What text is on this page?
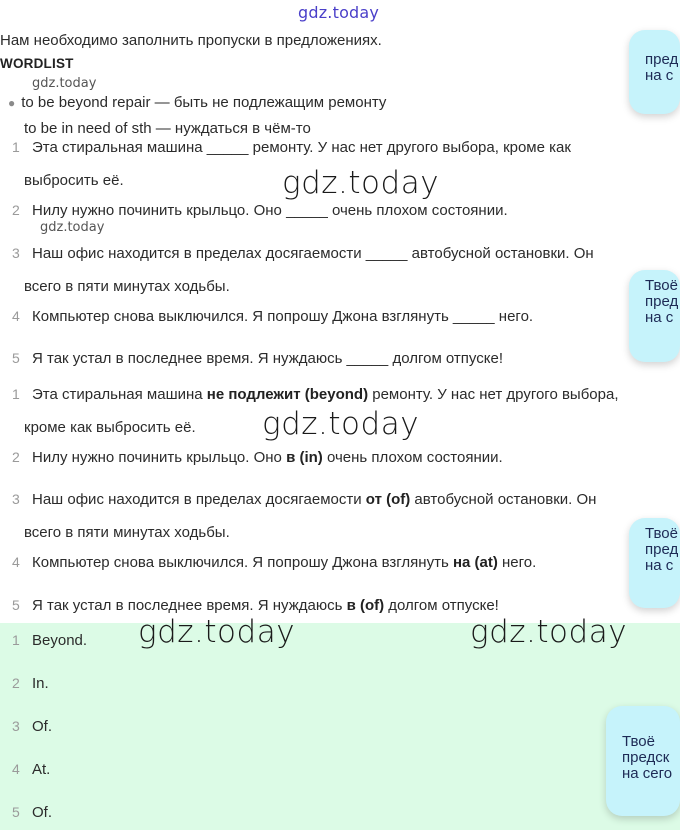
gdz.today
Нам необходимо заполнить пропуски в предложениях.
WORDLIST
gdz.today
● to be beyond repair — быть не подлежащим ремонту
to be in need of sth — нуждаться в чём-то
1 Эта стиральная машина _____ ремонту. У нас нет другого выбора, кроме как
выбросить её.	gdz.today
2 Нилу нужно починить крыльцо. Оно _____ очень плохом состоянии.
gdz.today
3 Наш офис находится в пределах досягаемости _____ автобусной остановки. Он
всего в пяти минутах ходьбы.
4 Компьютер снова выключился. Я попрошу Джона взглянуть _____ него.
5 Я так устал в последнее время. Я нуждаюсь _____ долгом отпуске!
1 Эта стиральная машина не подлежит (beyond) ремонту. У нас нет другого выбора,
кроме как выбросить её.	gdz.today
2 Нилу нужно починить крыльцо. Оно в (in) очень плохом состоянии.
3 Наш офис находится в пределах досягаемости от (of) автобусной остановки. Он
всего в пяти минутах ходьбы.
4 Компьютер снова выключился. Я попрошу Джона взглянуть на (at) него.
5 Я так устал в последнее время. Я нуждаюсь в (of) долгом отпуске!
gdz.today	gdz.today
1 Beyond.
2 In.
3 Of.
4 At.
5 Of.
пред
на с
Твоё
пред
на с
Твоё
пред
на с
Твоё
предск
на сего
